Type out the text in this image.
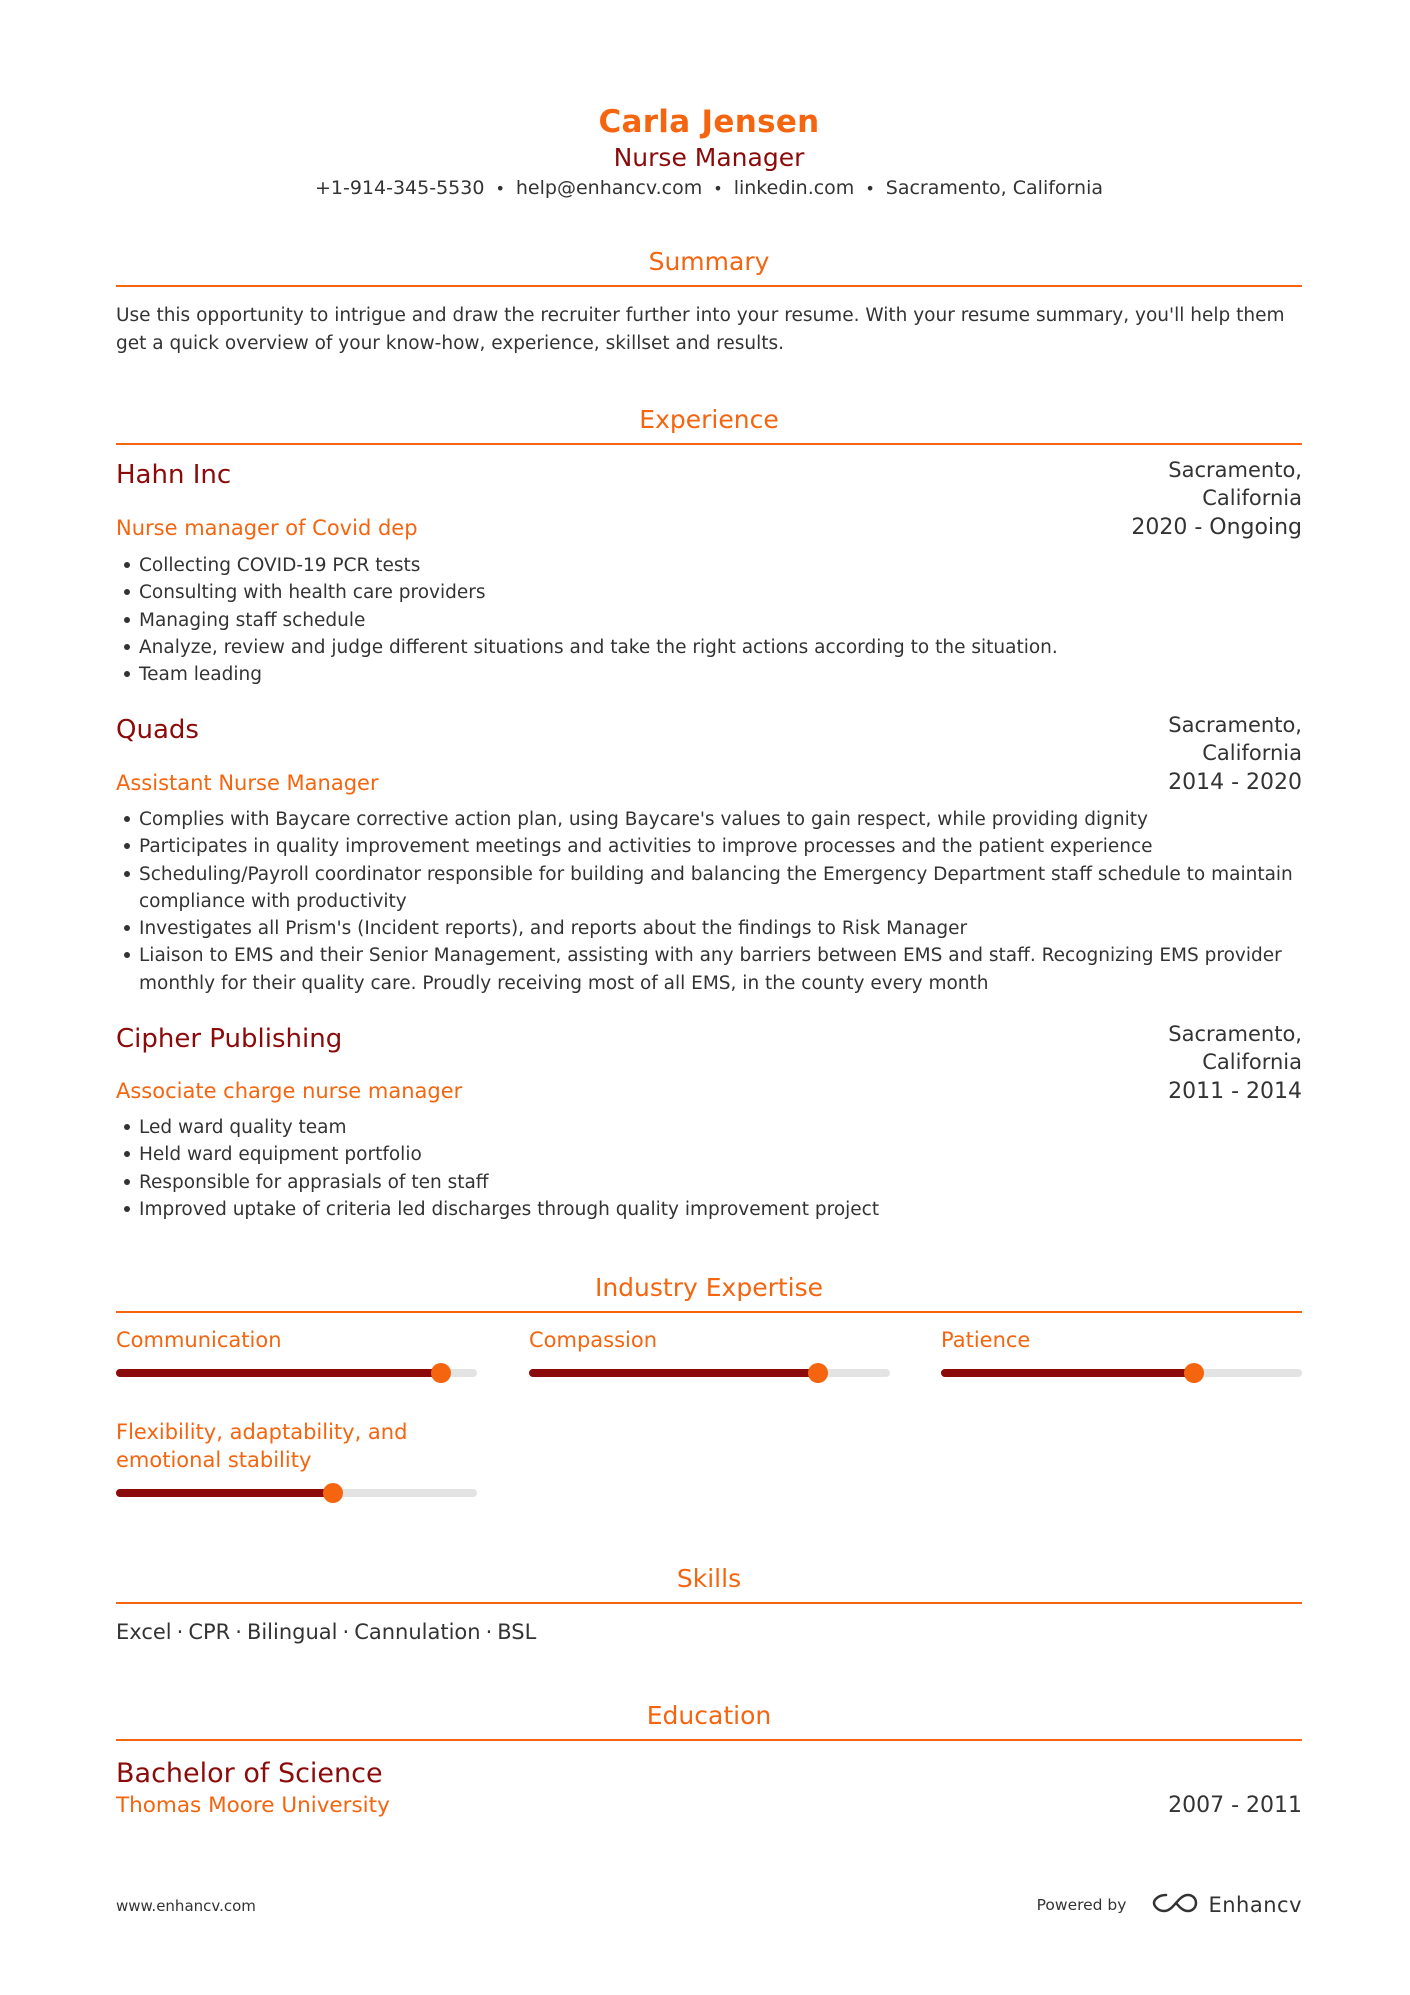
Carla Jensen
Nurse Manager
+1-914-345-5530 • help@enhancv.com • linkedin.com • Sacramento, California
Summary
Use this opportunity to intrigue and draw the recruiter further into your resume. With your resume summary, you'll help them get a quick overview of your know-how, experience, skillset and results.
Experience
Hahn Inc	Sacramento, California
Nurse manager of Covid dep	2020 - Ongoing
Collecting COVID-19 PCR tests
Consulting with health care providers
Managing staff schedule
Analyze, review and judge different situations and take the right actions according to the situation.
Team leading
Quads	Sacramento, California
Assistant Nurse Manager	2014 - 2020
Complies with Baycare corrective action plan, using Baycare's values to gain respect, while providing dignity
Participates in quality improvement meetings and activities to improve processes and the patient experience
Scheduling/Payroll coordinator responsible for building and balancing the Emergency Department staff schedule to maintain compliance with productivity
Investigates all Prism's (Incident reports), and reports about the findings to Risk Manager
Liaison to EMS and their Senior Management, assisting with any barriers between EMS and staff. Recognizing EMS provider monthly for their quality care. Proudly receiving most of all EMS, in the county every month
Cipher Publishing	Sacramento, California
Associate charge nurse manager	2011 - 2014
Led ward quality team
Held ward equipment portfolio
Responsible for apprasials of ten staff
Improved uptake of criteria led discharges through quality improvement project
Industry Expertise
Communication	Compassion	Patience
Flexibility, adaptability, and emotional stability
Skills
Excel · CPR · Bilingual · Cannulation · BSL
Education
Bachelor of Science
Thomas Moore University	2007 - 2011
www.enhancv.com	Powered by	Enhancv
